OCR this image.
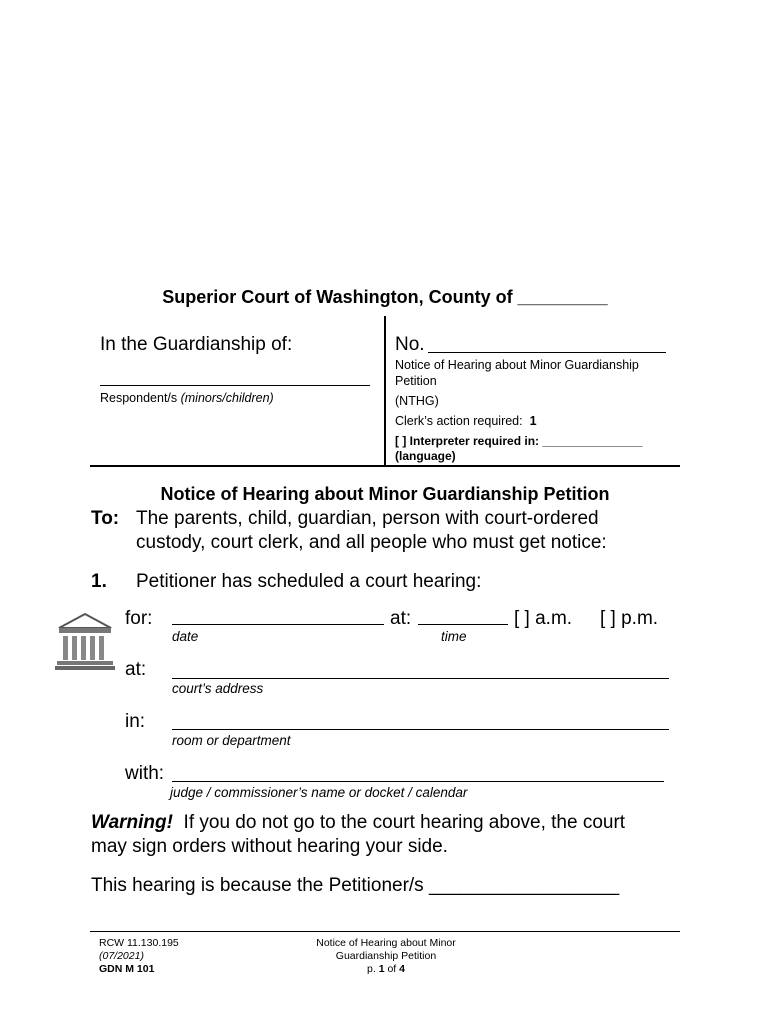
Superior Court of Washington, County of _________
In the Guardianship of:
Respondent/s (minors/children)
No.
Notice of Hearing about Minor Guardianship
Petition
(NTHG)
Clerk’s action required: 1
[ ] Interpreter required in: _______________
(language)
Notice of Hearing about Minor Guardianship Petition
To: The parents, child, guardian, person with court-ordered
custody, court clerk, and all people who must get notice:
1. Petitioner has scheduled a court hearing:
for:	at:	[ ] a.m. [ ] p.m.
date	time
at:
court’s address
in:
room or department
with:
judge / commissioner’s name or docket / calendar
Warning! If you do not go to the court hearing above, the court
may sign orders without hearing your side.
This hearing is because the Petitioner/s __________________
RCW 11.130.195
(07/2021)
GDN M 101
Notice of Hearing about Minor
Guardianship Petition
p. 1 of 4
